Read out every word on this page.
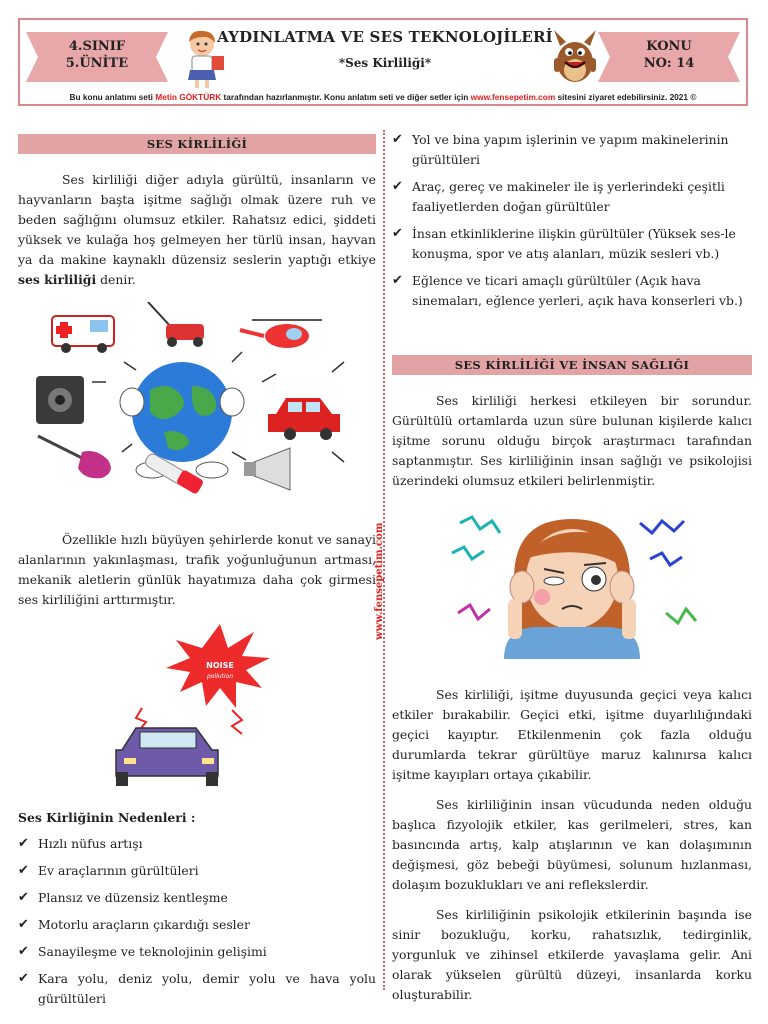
4.SINIF
5.ÜNİTE
AYDINLATMA VE SES TEKNOLOJİLERİ
*Ses Kirliliği*
KONU
NO: 14
Bu konu anlatımı seti Metin GÖKTÜRK tarafından hazırlanmıştır. Konu anlatım seti ve diğer setler için www.fensepetim.com sitesini ziyaret edebilirsiniz. 2021 ©
www.fensepetim.com
SES KİRLİLİĞİ

Ses kirliliği diğer adıyla gürültü, insanların ve hayvanların başta işitme sağlığı olmak üzere ruh ve beden sağlığını olumsuz etkiler. Rahatsız edici, şiddeti yüksek ve kulağa hoş gelmeyen her türlü insan, hayvan ya da makine kaynaklı düzensiz seslerin yaptığı etkiye ses kirliliği denir.

Özellikle hızlı büyüyen şehirlerde konut ve sanayi alanlarının yakınlaşması, trafik yoğunluğunun artması, mekanik aletlerin günlük hayatımıza daha çok girmesi ses kirliliğini arttırmıştır.

NOISE
pollution
Ses Kirliğinin Nedenleri :
✔ Hızlı nüfus artışı
✔ Ev araçlarının gürültüleri
✔ Plansız ve düzensiz kentleşme
✔ Motorlu araçların çıkardığı sesler
✔ Sanayileşme ve teknolojinin gelişimi
✔ Kara yolu, deniz yolu, demir yolu ve hava yolu gürültüleri
✔ Yol ve bina yapım işlerinin ve yapım makinelerinin gürültüleri
✔ Araç, gereç ve makineler ile iş yerlerindeki çeşitli faaliyetlerden doğan gürültüler
✔ İnsan etkinliklerine ilişkin gürültüler (Yüksek ses-le konuşma, spor ve atış alanları, müzik sesleri vb.)
✔ Eğlence ve ticari amaçlı gürültüler (Açık hava sinemaları, eğlence yerleri, açık hava konserleri vb.)
SES KİRLİLİĞİ VE İNSAN SAĞLIĞI

Ses kirliliği herkesi etkileyen bir sorundur. Gürültülü ortamlarda uzun süre bulunan kişilerde kalıcı işitme sorunu olduğu birçok araştırmacı tarafından saptanmıştır. Ses kirliliğinin insan sağlığı ve psikolojisi üzerindeki olumsuz etkileri belirlenmiştir.

Ses kirliliği, işitme duyusunda geçici veya kalıcı etkiler bırakabilir. Geçici etki, işitme duyarlılığındaki geçici kayıptır. Etkilenmenin çok fazla olduğu durumlarda tekrar gürültüye maruz kalınırsa kalıcı işitme kayıpları ortaya çıkabilir.

Ses kirliliğinin insan vücudunda neden olduğu başlıca fizyolojik etkiler, kas gerilmeleri, stres, kan basıncında artış, kalp atışlarının ve kan dolaşımının değişmesi, göz bebeği büyümesi, solunum hızlanması, dolaşım bozuklukları ve ani reflekslerdir.

Ses kirliliğinin psikolojik etkilerinin başında ise sinir bozukluğu, korku, rahatsızlık, tedirginlik, yorgunluk ve zihinsel etkilerde yavaşlama gelir. Ani olarak yükselen gürültü düzeyi, insanlarda korku oluşturabilir.
